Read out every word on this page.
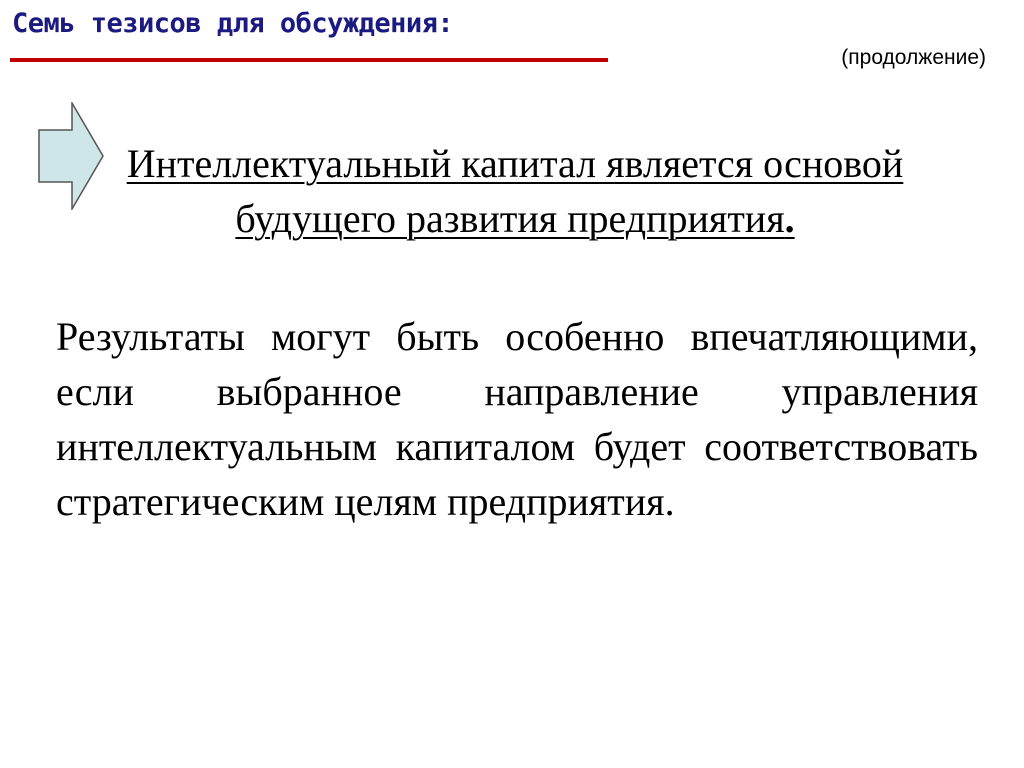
Семь тезисов для обсуждения:
(продолжение)

Интеллектуальный капитал является основой будущего развития предприятия.

Результаты могут быть особенно впечатляющими, если выбранное направление управления интеллектуальным капиталом будет соответствовать стратегическим целям предприятия.
